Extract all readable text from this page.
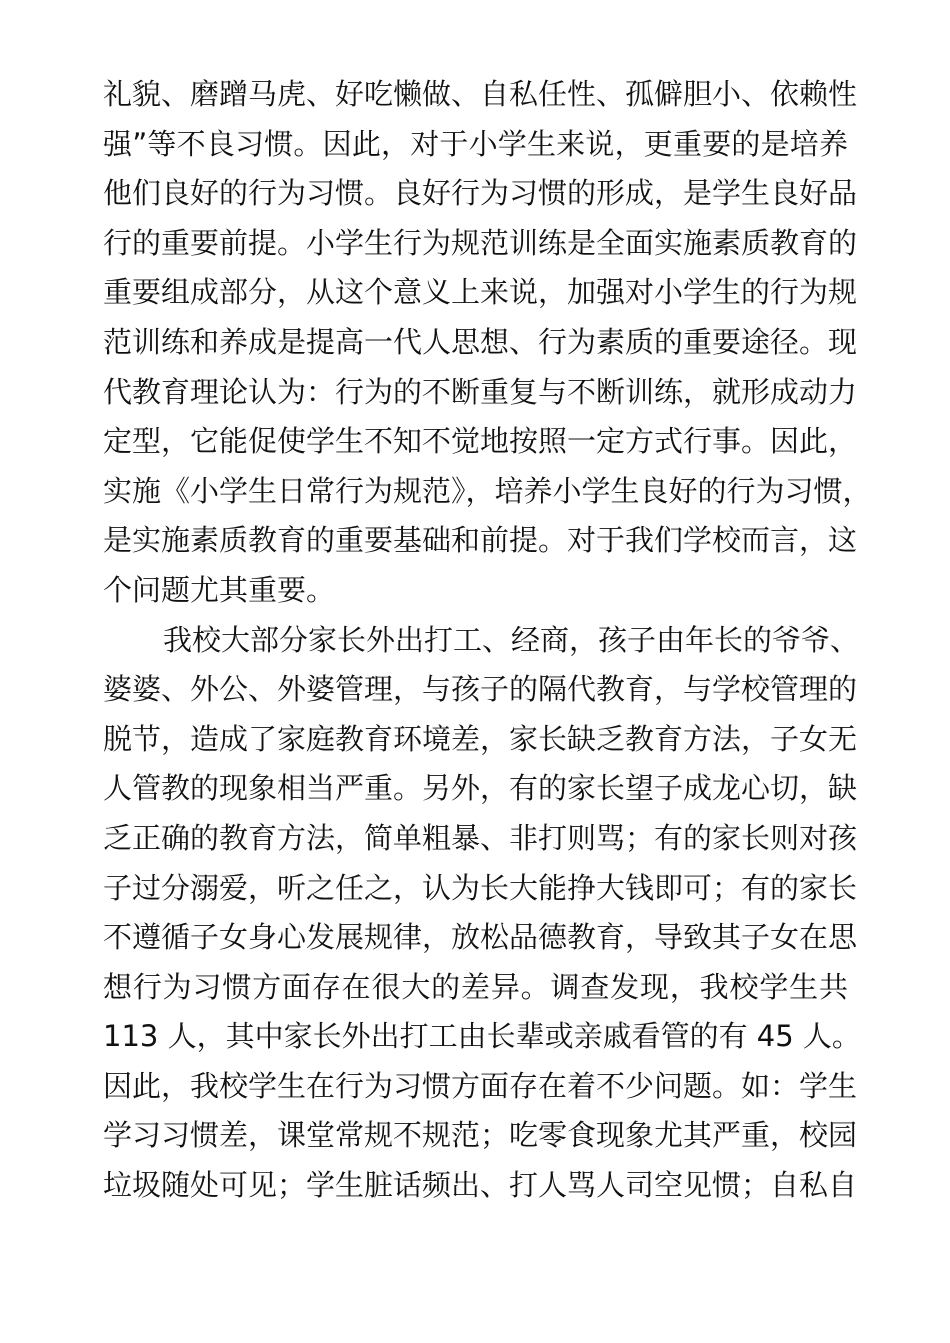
礼貌、磨蹭马虎、好吃懒做、自私任性、孤僻胆小、依赖性
强”等不良习惯。因此，对于小学生来说，更重要的是培养
他们良好的行为习惯。良好行为习惯的形成，是学生良好品
行的重要前提。小学生行为规范训练是全面实施素质教育的
重要组成部分，从这个意义上来说，加强对小学生的行为规
范训练和养成是提高一代人思想、行为素质的重要途径。现
代教育理论认为：行为的不断重复与不断训练，就形成动力
定型，它能促使学生不知不觉地按照一定方式行事。因此，
实施《小学生日常行为规范》，培养小学生良好的行为习惯，
是实施素质教育的重要基础和前提。对于我们学校而言，这
个问题尤其重要。
我校大部分家长外出打工、经商，孩子由年长的爷爷、
婆婆、外公、外婆管理，与孩子的隔代教育，与学校管理的
脱节，造成了家庭教育环境差，家长缺乏教育方法，子女无
人管教的现象相当严重。另外，有的家长望子成龙心切，缺
乏正确的教育方法，简单粗暴、非打则骂；有的家长则对孩
子过分溺爱，听之任之，认为长大能挣大钱即可；有的家长
不遵循子女身心发展规律，放松品德教育，导致其子女在思
想行为习惯方面存在很大的差异。调查发现，我校学生共
113 人，其中家长外出打工由长辈或亲戚看管的有 45 人。
因此，我校学生在行为习惯方面存在着不少问题。如：学生
学习习惯差，课堂常规不规范；吃零食现象尤其严重，校园
垃圾随处可见；学生脏话频出、打人骂人司空见惯；自私自
